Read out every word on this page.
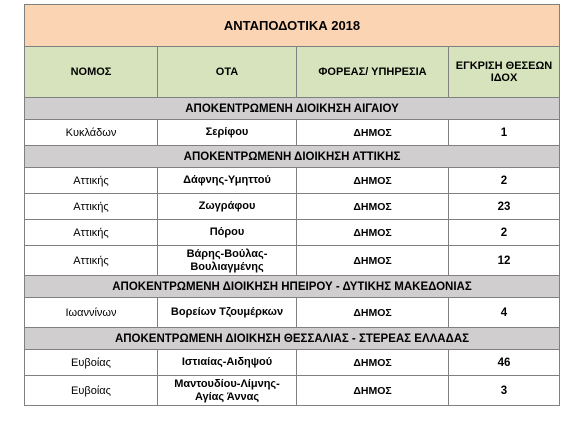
ΑΝΤΑΠΟΔΟΤΙΚΑ 2018			
ΝΟΜΟΣ	ΟΤΑ	ΦΟΡΕΑΣ/ ΥΠΗΡΕΣΙΑ	ΕΓΚΡΙΣΗ ΘΕΣΕΩΝ ΙΔΟΧ
ΑΠΟΚΕΝΤΡΩΜΕΝΗ ΔΙΟΙΚΗΣΗ ΑΙΓΑΙΟΥ			
Κυκλάδων	Σερίφου	ΔΗΜΟΣ	1
ΑΠΟΚΕΝΤΡΩΜΕΝΗ ΔΙΟΙΚΗΣΗ ΑΤΤΙΚΗΣ			
Αττικής	Δάφνης-Υμηττού	ΔΗΜΟΣ	2
Αττικής	Ζωγράφου	ΔΗΜΟΣ	23
Αττικής	Πόρου	ΔΗΜΟΣ	2
Αττικής	Βάρης-Βούλας-Βουλιαγμένης	ΔΗΜΟΣ	12
ΑΠΟΚΕΝΤΡΩΜΕΝΗ ΔΙΟΙΚΗΣΗ ΗΠΕΙΡΟΥ - ΔΥΤΙΚΗΣ ΜΑΚΕΔΟΝΙΑΣ			
Ιωαννίνων	Βορείων Τζουμέρκων	ΔΗΜΟΣ	4
ΑΠΟΚΕΝΤΡΩΜΕΝΗ ΔΙΟΙΚΗΣΗ ΘΕΣΣΑΛΙΑΣ - ΣΤΕΡΕΑΣ ΕΛΛΑΔΑΣ			
Ευβοίας	Ιστιαίας-Αιδηψού	ΔΗΜΟΣ	46
Ευβοίας	Μαντουδίου-Λίμνης-Αγίας Άννας	ΔΗΜΟΣ	3
